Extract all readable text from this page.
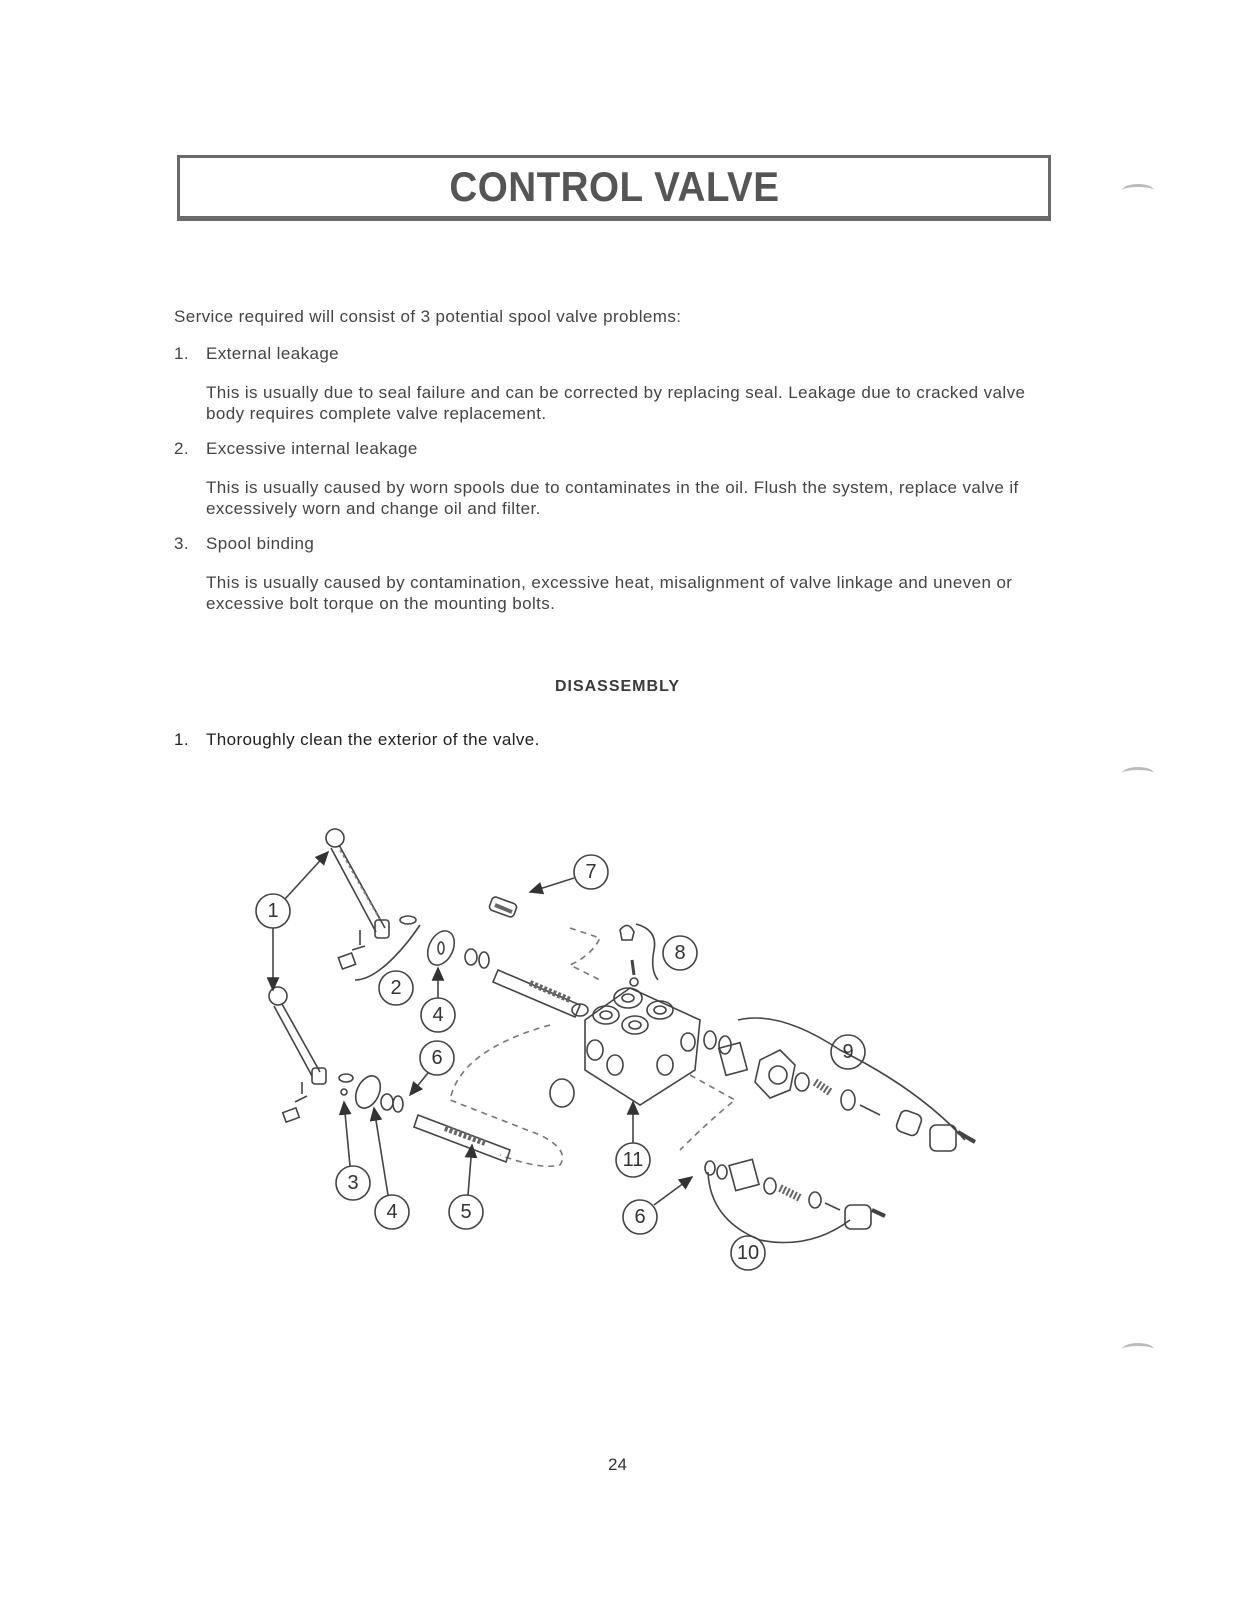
CONTROL VALVE

Service required will consist of 3 potential spool valve problems:

1.	External leakage
This is usually due to seal failure and can be corrected by replacing seal. Leakage due to cracked valve body requires complete valve replacement.
2.	Excessive internal leakage
This is usually caused by worn spools due to contaminates in the oil. Flush the system, replace valve if excessively worn and change oil and filter.
3.	Spool binding
This is usually caused by contamination, excessive heat, misalignment of valve linkage and uneven or excessive bolt torque on the mounting bolts.
DISASSEMBLY
1. Thoroughly clean the exterior of the valve.
1
2
4
7
8
6	9
11
3
4	5	6
10
24
